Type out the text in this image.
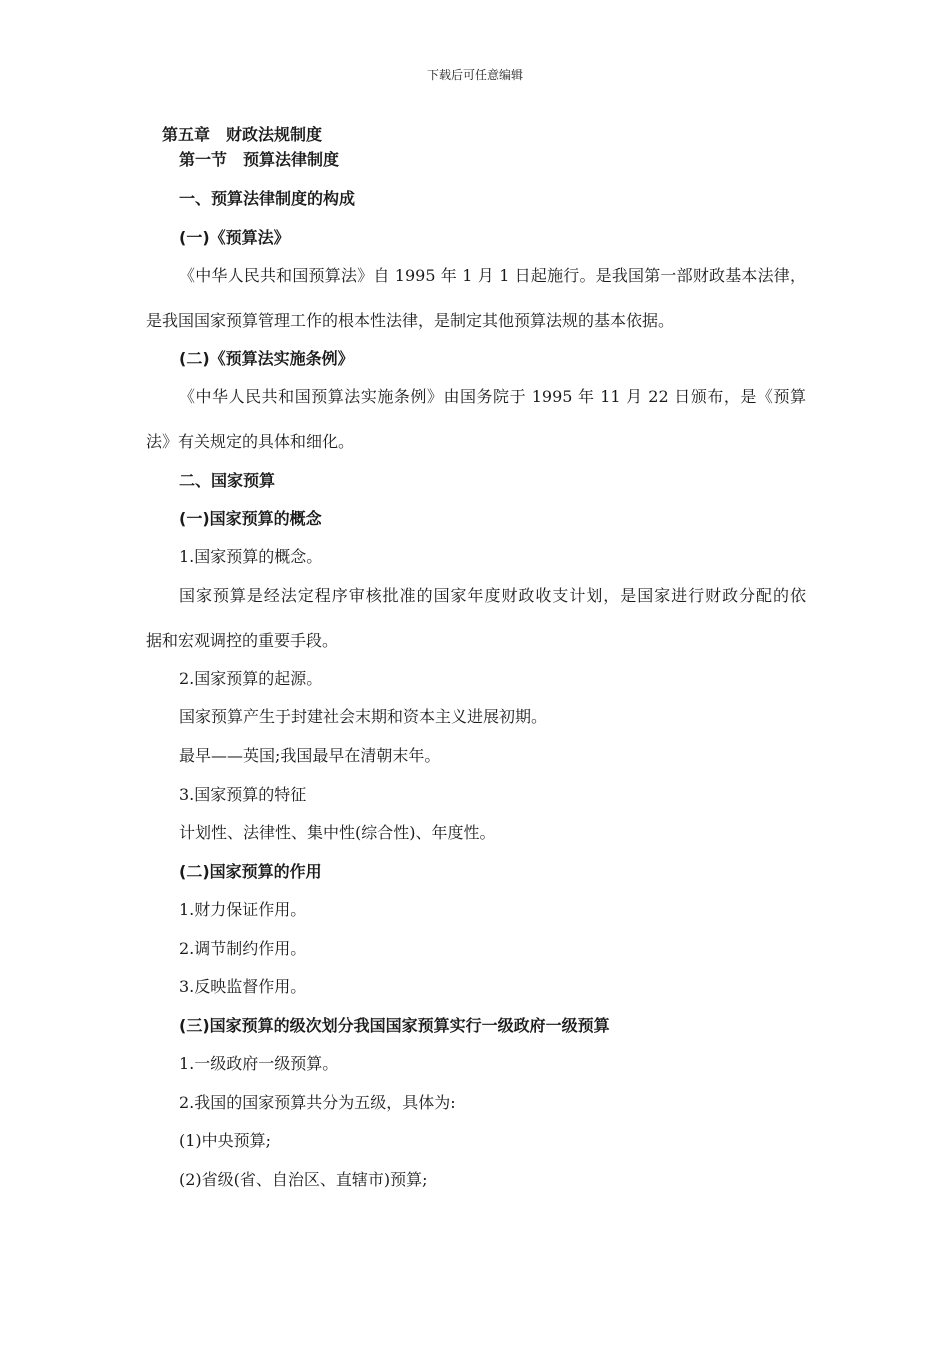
下载后可任意编辑
第五章　财政法规制度
第一节　预算法律制度
一、预算法律制度的构成
(一)《预算法》
《中华人民共和国预算法》自 1995 年 1 月 1 日起施行。是我国第一部财政基本法律，
是我国国家预算管理工作的根本性法律，是制定其他预算法规的基本依据。
(二)《预算法实施条例》
《中华人民共和国预算法实施条例》由国务院于 1995 年 11 月 22 日颁布，是《预算
法》有关规定的具体和细化。
二、国家预算
(一)国家预算的概念
1.国家预算的概念。
国家预算是经法定程序审核批准的国家年度财政收支计划，是国家进行财政分配的依
据和宏观调控的重要手段。
2.国家预算的起源。
国家预算产生于封建社会末期和资本主义进展初期。
最早——英国;我国最早在清朝末年。
3.国家预算的特征
计划性、法律性、集中性(综合性)、年度性。
(二)国家预算的作用
1.财力保证作用。
2.调节制约作用。
3.反映监督作用。
(三)国家预算的级次划分我国国家预算实行一级政府一级预算
1.一级政府一级预算。
2.我国的国家预算共分为五级，具体为:
(1)中央预算;
(2)省级(省、自治区、直辖市)预算;
